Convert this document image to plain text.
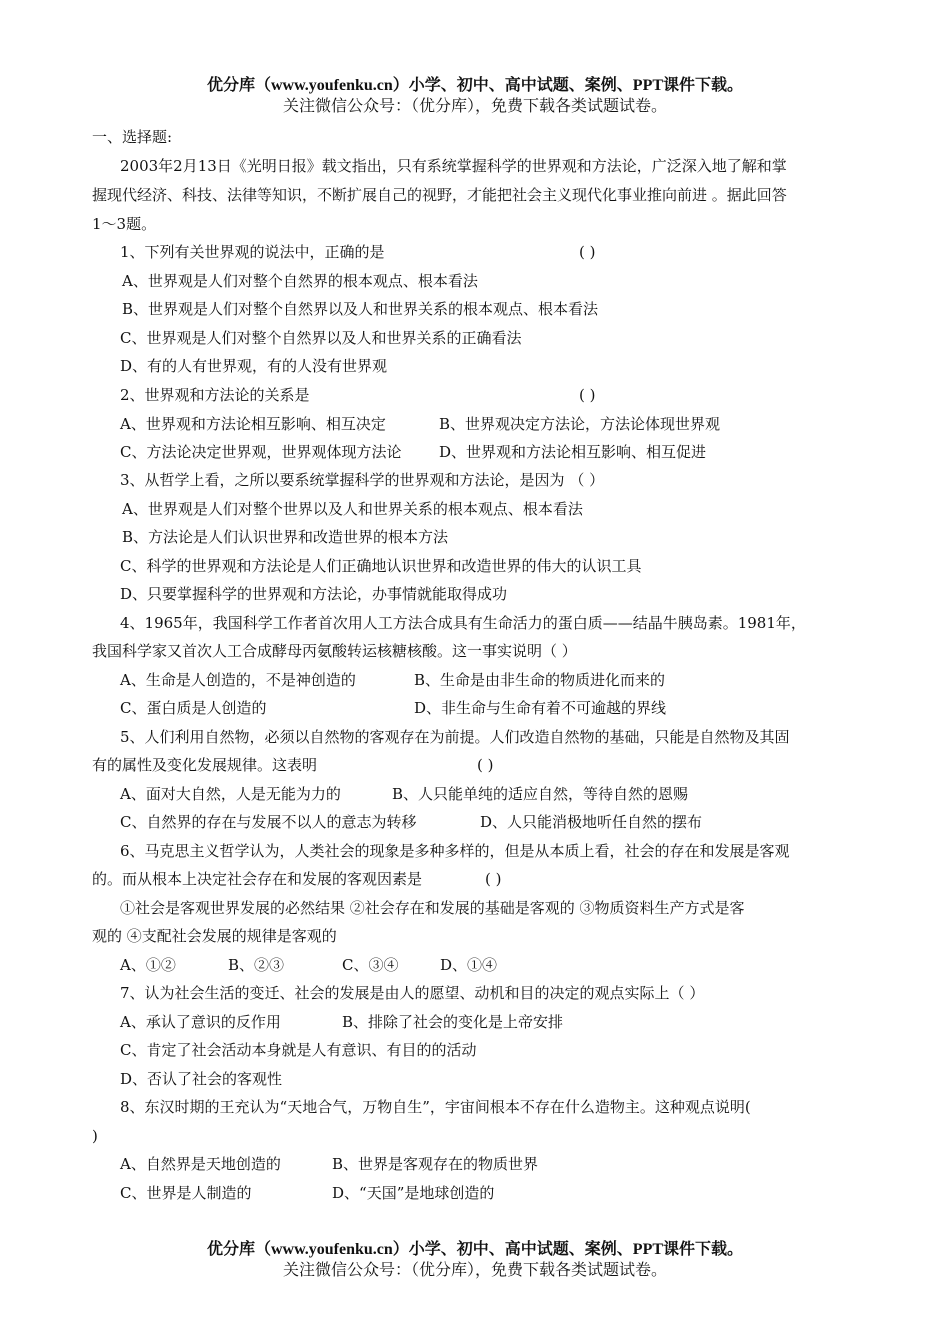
优分库（www.youfenku.cn）小学、初中、高中试题、案例、PPT课件下载。
关注微信公众号：（优分库），免费下载各类试题试卷。
一、选择题:
2003年2月13日《光明日报》载文指出，只有系统掌握科学的世界观和方法论，广泛深入地了解和掌
握现代经济、科技、法律等知识，不断扩展自己的视野，才能把社会主义现代化事业推向前进 。据此回答
1～3题。
1、下列有关世界观的说法中，正确的是	( )
A、世界观是人们对整个自然界的根本观点、根本看法
B、世界观是人们对整个自然界以及人和世界关系的根本观点、根本看法
C、世界观是人们对整个自然界以及人和世界关系的正确看法
D、有的人有世界观，有的人没有世界观
2、世界观和方法论的关系是	( )
A、世界观和方法论相互影响、相互决定	B、世界观决定方法论，方法论体现世界观
C、方法论决定世界观，世界观体现方法论	D、世界观和方法论相互影响、相互促进
3、从哲学上看，之所以要系统掌握科学的世界观和方法论，是因为 （ ）
A、世界观是人们对整个世界以及人和世界关系的根本观点、根本看法
B、方法论是人们认识世界和改造世界的根本方法
C、科学的世界观和方法论是人们正确地认识世界和改造世界的伟大的认识工具
D、只要掌握科学的世界观和方法论，办事情就能取得成功
4、1965年，我国科学工作者首次用人工方法合成具有生命活力的蛋白质——结晶牛胰岛素。1981年，
我国科学家又首次人工合成酵母丙氨酸转运核糖核酸。这一事实说明（ ）
A、生命是人创造的，不是神创造的	B、生命是由非生命的物质进化而来的
C、蛋白质是人创造的	D、非生命与生命有着不可逾越的界线
5、人们利用自然物，必须以自然物的客观存在为前提。人们改造自然物的基础，只能是自然物及其固
有的属性及变化发展规律。这表明	( )
A、面对大自然，人是无能为力的	B、人只能单纯的适应自然，等待自然的恩赐
C、自然界的存在与发展不以人的意志为转移	D、人只能消极地听任自然的摆布
6、马克思主义哲学认为，人类社会的现象是多种多样的，但是从本质上看，社会的存在和发展是客观
的。而从根本上决定社会存在和发展的客观因素是	( )
①社会是客观世界发展的必然结果 ②社会存在和发展的基础是客观的 ③物质资料生产方式是客
观的 ④支配社会发展的规律是客观的
A、①②	B、②③	C、③④	D、①④
7、认为社会生活的变迁、社会的发展是由人的愿望、动机和目的决定的观点实际上（ ）
A、承认了意识的反作用	B、排除了社会的变化是上帝安排
C、肯定了社会活动本身就是人有意识、有目的的活动
D、否认了社会的客观性
8、东汉时期的王充认为“天地合气，万物自生”，宇宙间根本不存在什么造物主。这种观点说明(
)
A、自然界是天地创造的	B、世界是客观存在的物质世界
C、世界是人制造的	D、“天国”是地球创造的
优分库（www.youfenku.cn）小学、初中、高中试题、案例、PPT课件下载。
关注微信公众号：（优分库），免费下载各类试题试卷。
